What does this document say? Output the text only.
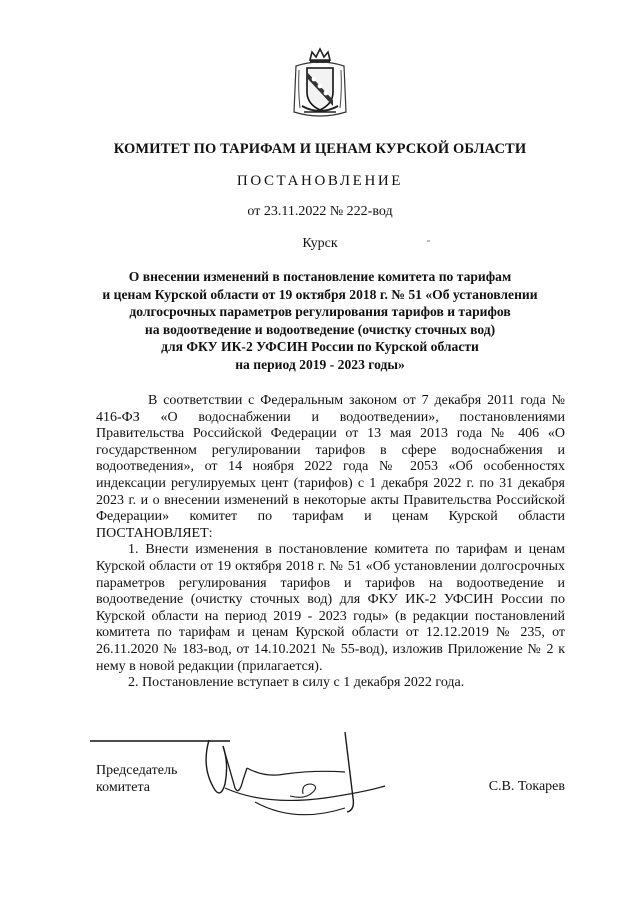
КОМИТЕТ ПО ТАРИФАМ И ЦЕНАМ КУРСКОЙ ОБЛАСТИ
ПОСТАНОВЛЕНИЕ
от 23.11.2022 № 222-вод
Курск
О внесении изменений в постановление комитета по тарифам
и ценам Курской области от 19 октября 2018 г. № 51 «Об установлении
долгосрочных параметров регулирования тарифов и тарифов
на водоотведение и водоотведение (очистку сточных вод)
для ФКУ ИК-2 УФСИН России по Курской области
на период 2019 - 2023 годы»

В соответствии с Федеральным законом от 7 декабря 2011 года № 416-ФЗ «О водоснабжении и водоотведении», постановлениями Правительства Российской Федерации от 13 мая 2013 года № 406 «О государственном регулировании тарифов в сфере водоснабжения и водоотведения», от 14 ноября 2022 года № 2053 «Об особенностях индексации регулируемых цент (тарифов) с 1 декабря 2022 г. по 31 декабря 2023 г. и о внесении изменений в некоторые акты Правительства Российской Федерации» комитет по тарифам и ценам Курской области ПОСТАНОВЛЯЕТ:

1. Внести изменения в постановление комитета по тарифам и ценам Курской области от 19 октября 2018 г. № 51 «Об установлении долгосрочных параметров регулирования тарифов и тарифов на водоотведение и водоотведение (очистку сточных вод) для ФКУ ИК-2 УФСИН России по Курской области на период 2019 - 2023 годы» (в редакции постановлений комитета по тарифам и ценам Курской области от 12.12.2019 № 235, от 26.11.2020 № 183-вод, от 14.10.2021 № 55-вод), изложив Приложение № 2 к нему в новой редакции (прилагается).

2. Постановление вступает в силу с 1 декабря 2022 года.

Председатель
комитета	С.В. Токарев
